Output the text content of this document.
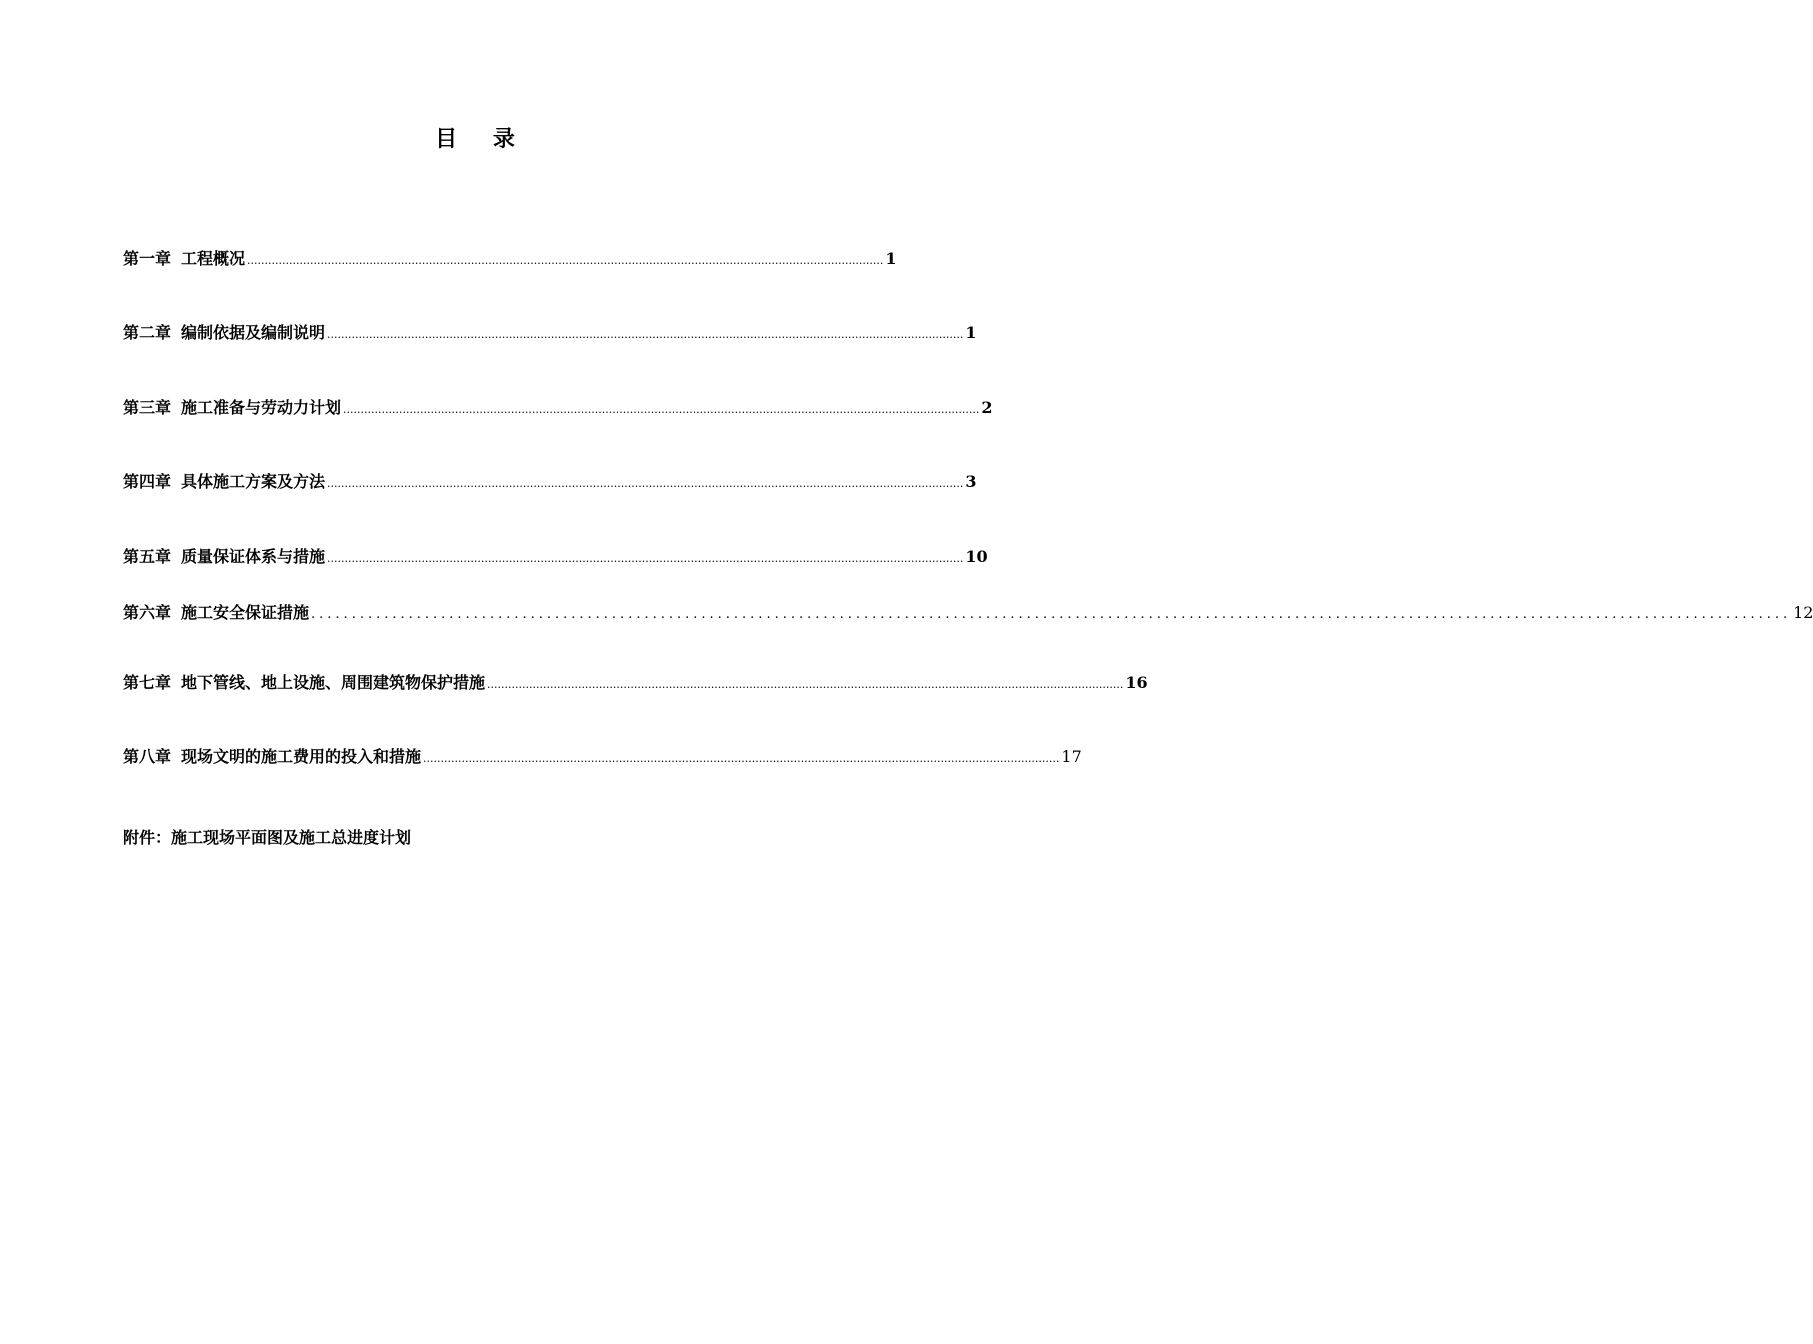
目 录
第一章 工程概况 ...................................................................................................................................................................................... 1
第二章 编制依据及编制说明 ...................................................................................................................................................................................... 1
第三章 施工准备与劳动力计划 ...................................................................................................................................................................................... 2
第四章 具体施工方案及方法 ...................................................................................................................................................................................... 3
第五章 质量保证体系与措施 ...................................................................................................................................................................................... 10
第六章 施工安全保证措施 ...................................................................................................................................................................................... 12
第七章 地下管线、地上设施、周围建筑物保护措施 ...................................................................................................................................................................................... 16
第八章 现场文明的施工费用的投入和措施 ...................................................................................................................................................................................... 17
附件：施工现场平面图及施工总进度计划
